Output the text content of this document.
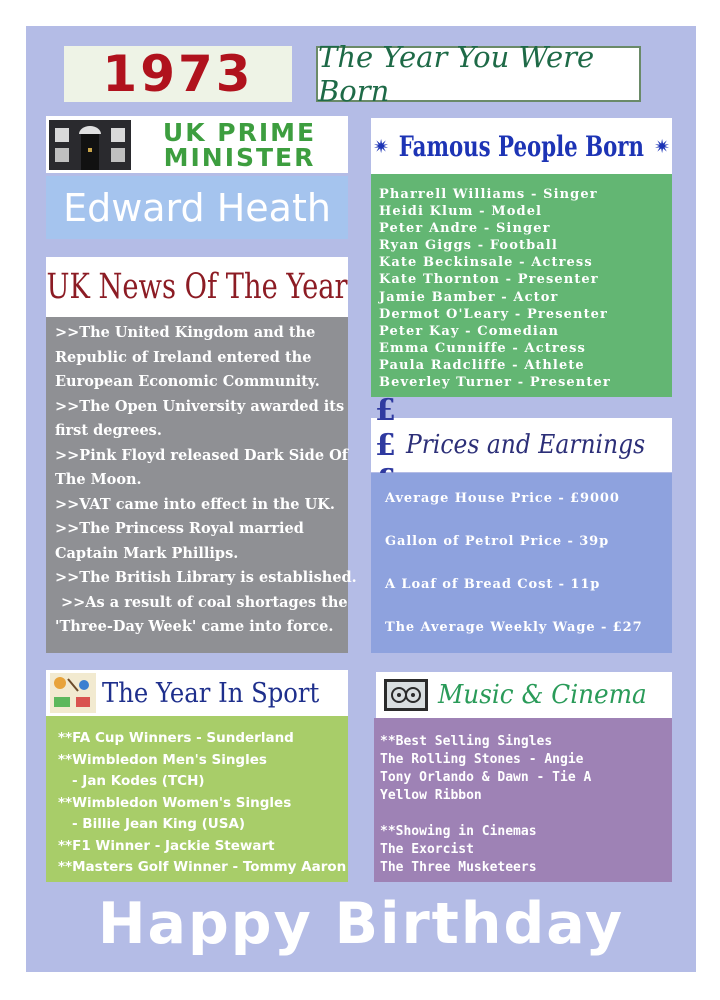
1973 The Year You Were Born
UK PRIME
MINISTER
Edward Heath
UK News Of The Year
>>The United Kingdom and the
Republic of Ireland entered the
European Economic Community.
>>The Open University awarded its
first degrees.
>>Pink Floyd released Dark Side Of
The Moon.
>>VAT came into effect in the UK.
>>The Princess Royal married
Captain Mark Phillips.
>>The British Library is established.
>>As a result of coal shortages the
'Three-Day Week' came into force.
Famous People Born
Pharrell Williams - Singer
Heidi Klum - Model
Peter Andre - Singer
Ryan Giggs - Football
Kate Beckinsale - Actress
Kate Thornton - Presenter
Jamie Bamber - Actor
Dermot O'Leary - Presenter
Peter Kay - Comedian
Emma Cunniffe - Actress
Paula Radcliffe - Athlete
Beverley Turner - Presenter
££ Prices and Earnings
Average House Price - £9000
Gallon of Petrol Price - 39p
A Loaf of Bread Cost - 11p
The Average Weekly Wage - £27
The Year In Sport
**FA Cup Winners - Sunderland
**Wimbledon Men's Singles
- Jan Kodes (TCH)
**Wimbledon Women's Singles
- Billie Jean King (USA)
**F1 Winner - Jackie Stewart
**Masters Golf Winner - Tommy Aaron
Music & Cinema
**Best Selling Singles
The Rolling Stones - Angie
Tony Orlando & Dawn - Tie A
Yellow Ribbon
**Showing in Cinemas
The Exorcist
The Three Musketeers
Happy Birthday
